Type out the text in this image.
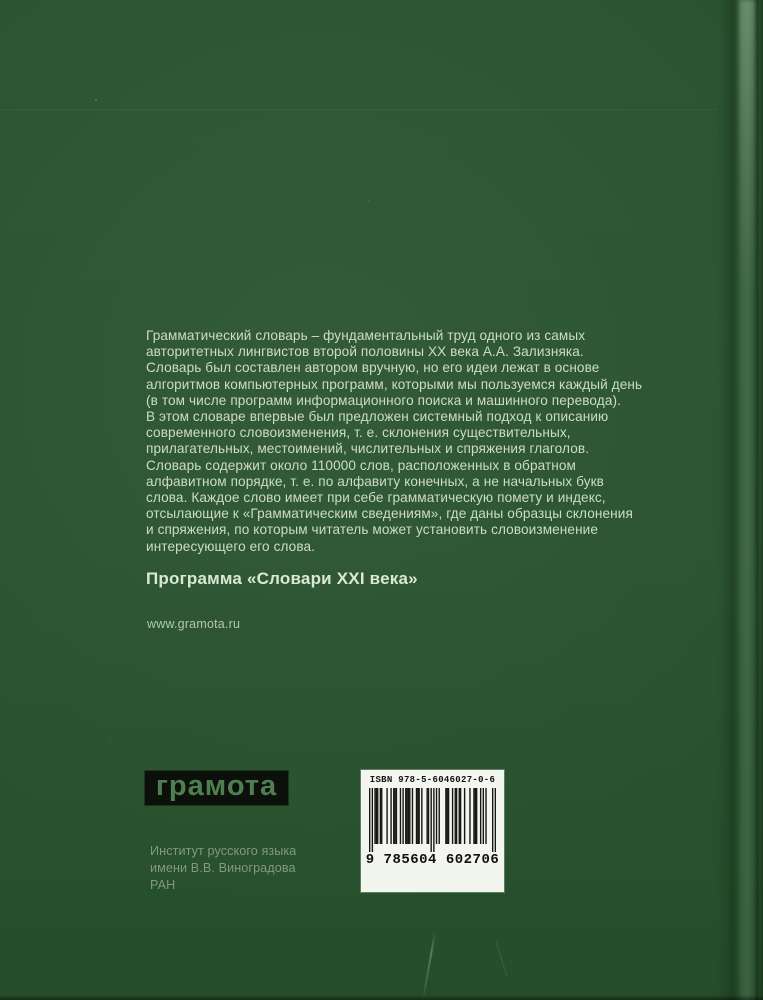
Грамматический словарь – фундаментальный труд одного из самых
авторитетных лингвистов второй половины XX века А.А. Зализняка.
Словарь был составлен автором вручную, но его идеи лежат в основе
алгоритмов компьютерных программ, которыми мы пользуемся каждый день
(в том числе программ информационного поиска и машинного перевода).
В этом словаре впервые был предложен системный подход к описанию
современного словоизменения, т. е. склонения существительных,
прилагательных, местоимений, числительных и спряжения глаголов.
Словарь содержит около 110000 слов, расположенных в обратном
алфавитном порядке, т. е. по алфавиту конечных, а не начальных букв
слова. Каждое слово имеет при себе грамматическую помету и индекс,
отсылающие к «Грамматическим сведениям», где даны образцы склонения
и спряжения, по которым читатель может установить словоизменение
интересующего его слова.
Программа «Словари XXI века»
www.gramota.ru
грамота	ISBN 978-5-6046027-0-6
9 785604 602706
Институт русского языка
имени В.В. Виноградова
РАН
